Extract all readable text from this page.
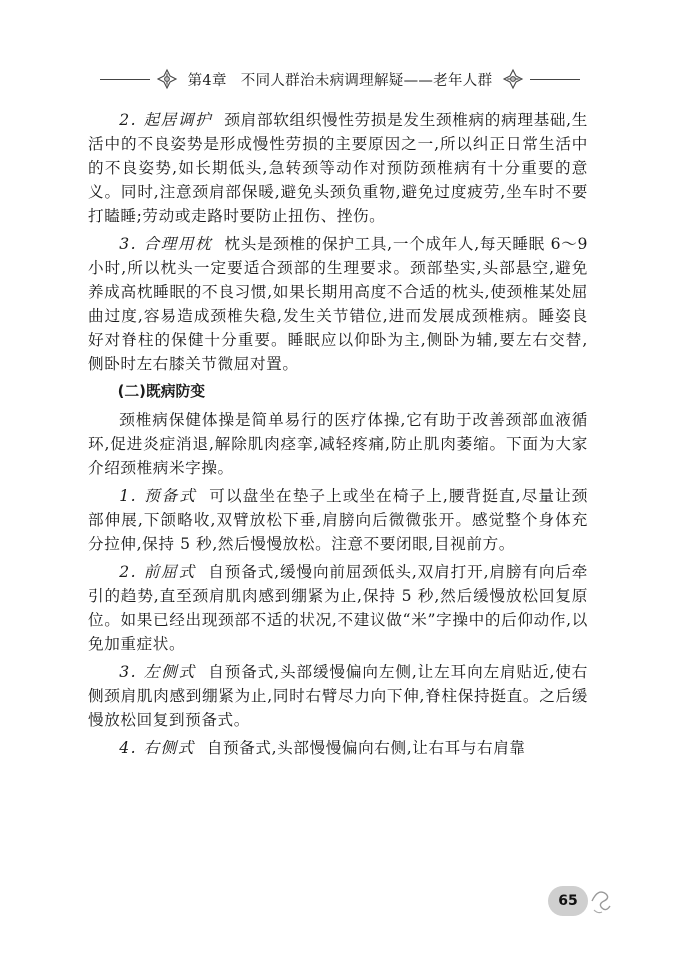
第4章 不同人群治未病调理解疑——老年人群

2. 起居调护 颈肩部软组织慢性劳损是发生颈椎病的病理基础,生活中的不良姿势是形成慢性劳损的主要原因之一,所以纠正日常生活中的不良姿势,如长期低头,急转颈等动作对预防颈椎病有十分重要的意义。同时,注意颈肩部保暖,避免头颈负重物,避免过度疲劳,坐车时不要打瞌睡;劳动或走路时要防止扭伤、挫伤。

3. 合理用枕 枕头是颈椎的保护工具,一个成年人,每天睡眠 6～9 小时,所以枕头一定要适合颈部的生理要求。颈部垫实,头部悬空,避免养成高枕睡眠的不良习惯,如果长期用高度不合适的枕头,使颈椎某处屈曲过度,容易造成颈椎失稳,发生关节错位,进而发展成颈椎病。睡姿良好对脊柱的保健十分重要。睡眠应以仰卧为主,侧卧为辅,要左右交替,侧卧时左右膝关节微屈对置。

(二)既病防变

颈椎病保健体操是简单易行的医疗体操,它有助于改善颈部血液循环,促进炎症消退,解除肌肉痉挛,减轻疼痛,防止肌肉萎缩。下面为大家介绍颈椎病米字操。

1. 预备式 可以盘坐在垫子上或坐在椅子上,腰背挺直,尽量让颈部伸展,下颌略收,双臂放松下垂,肩膀向后微微张开。感觉整个身体充分拉伸,保持 5 秒,然后慢慢放松。注意不要闭眼,目视前方。

2. 前屈式 自预备式,缓慢向前屈颈低头,双肩打开,肩膀有向后牵引的趋势,直至颈肩肌肉感到绷紧为止,保持 5 秒,然后缓慢放松回复原位。如果已经出现颈部不适的状况,不建议做“米”字操中的后仰动作,以免加重症状。

3. 左侧式 自预备式,头部缓慢偏向左侧,让左耳向左肩贴近,使右侧颈肩肌肉感到绷紧为止,同时右臂尽力向下伸,脊柱保持挺直。之后缓慢放松回复到预备式。

4. 右侧式 自预备式,头部慢慢偏向右侧,让右耳与右肩靠

65
